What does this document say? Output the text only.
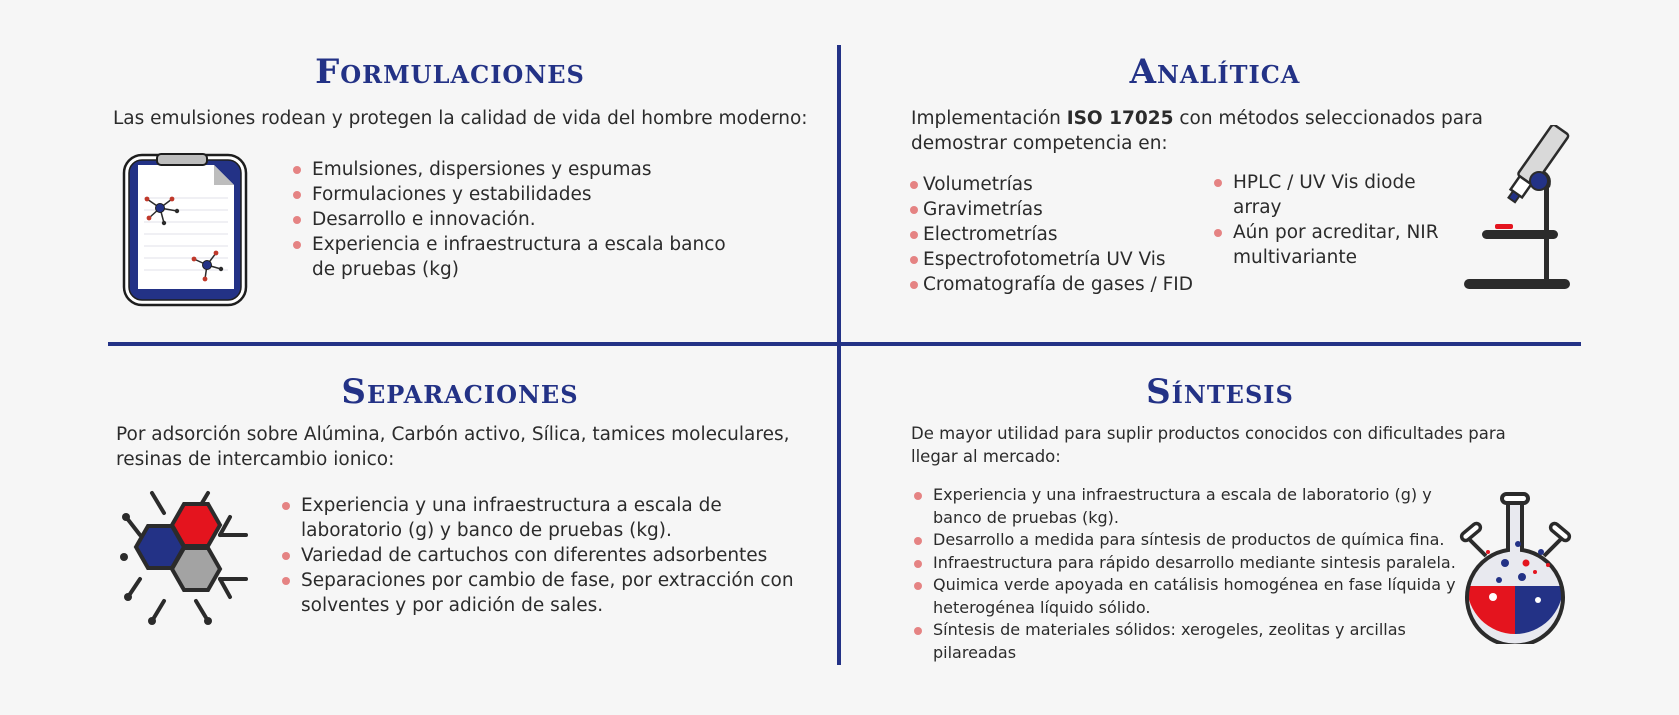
Formulaciones

Las emulsiones rodean y protegen la calidad de vida del hombre moderno:

Emulsiones, dispersiones y espumas
Formulaciones y estabilidades
Desarrollo e innovación.
Experiencia e infraestructura a escala banco de pruebas (kg)
Analítica

Implementación ISO 17025 con métodos seleccionados para demostrar competencia en:

Volumetrías
Gravimetrías
Electrometrías
Espectrofotometría UV Vis
Cromatografía de gases / FID
HPLC / UV Vis diode array
Aún por acreditar, NIR multivariante
Separaciones

Por adsorción sobre Alúmina, Carbón activo, Sílica, tamices moleculares, resinas de intercambio ionico:

Experiencia y una infraestructura a escala de laboratorio (g) y banco de pruebas (kg).
Variedad de cartuchos con diferentes adsorbentes
Separaciones por cambio de fase, por extracción con solventes y por adición de sales.
Síntesis

De mayor utilidad para suplir productos conocidos con dificultades para llegar al mercado:

Experiencia y una infraestructura a escala de laboratorio (g) y banco de pruebas (kg).
Desarrollo a medida para síntesis de productos de química fina.
Infraestructura para rápido desarrollo mediante sintesis paralela.
Quimica verde apoyada en catálisis homogénea en fase líquida y heterogénea líquido sólido.
Síntesis de materiales sólidos: xerogeles, zeolitas y arcillas pilareadas
